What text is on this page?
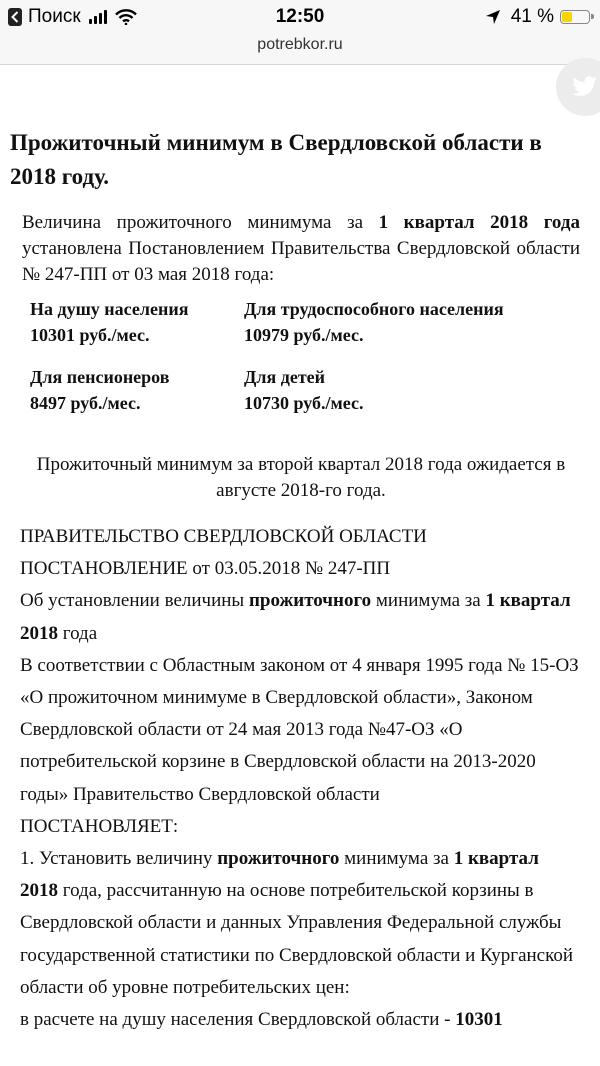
Поиск	12:50	41 %
potrebkor.ru
Прожиточный минимум в Свердловской области в 2018 году.
Величина прожиточного минимума за 1 квартал 2018 года установлена Постановлением Правительства Свердловской области № 247-ПП от 03 мая 2018 года:
На душу населения
10301 руб./мес.
Для трудоспособного населения
10979 руб./мес.
Для пенсионеров
8497 руб./мес.
Для детей
10730 руб./мес.
Прожиточный минимум за второй квартал 2018 года ожидается в августе 2018-го года.

ПРАВИТЕЛЬСТВО СВЕРДЛОВСКОЙ ОБЛАСТИ

ПОСТАНОВЛЕНИЕ от 03.05.2018 № 247-ПП

Об установлении величины прожиточного минимума за 1 квартал 2018 года

В соответствии с Областным законом от 4 января 1995 года № 15-ОЗ «О прожиточном минимуме в Свердловской области», Законом Свердловской области от 24 мая 2013 года №47-ОЗ «О потребительской корзине в Свердловской области на 2013-2020 годы» Правительство Свердловской области

ПОСТАНОВЛЯЕТ:

1. Установить величину прожиточного минимума за 1 квартал 2018 года, рассчитанную на основе потребительской корзины в Свердловской области и данных Управления Федеральной службы государственной статистики по Свердловской области и Курганской области об уровне потребительских цен:

в расчете на душу населения Свердловской области - 10301
